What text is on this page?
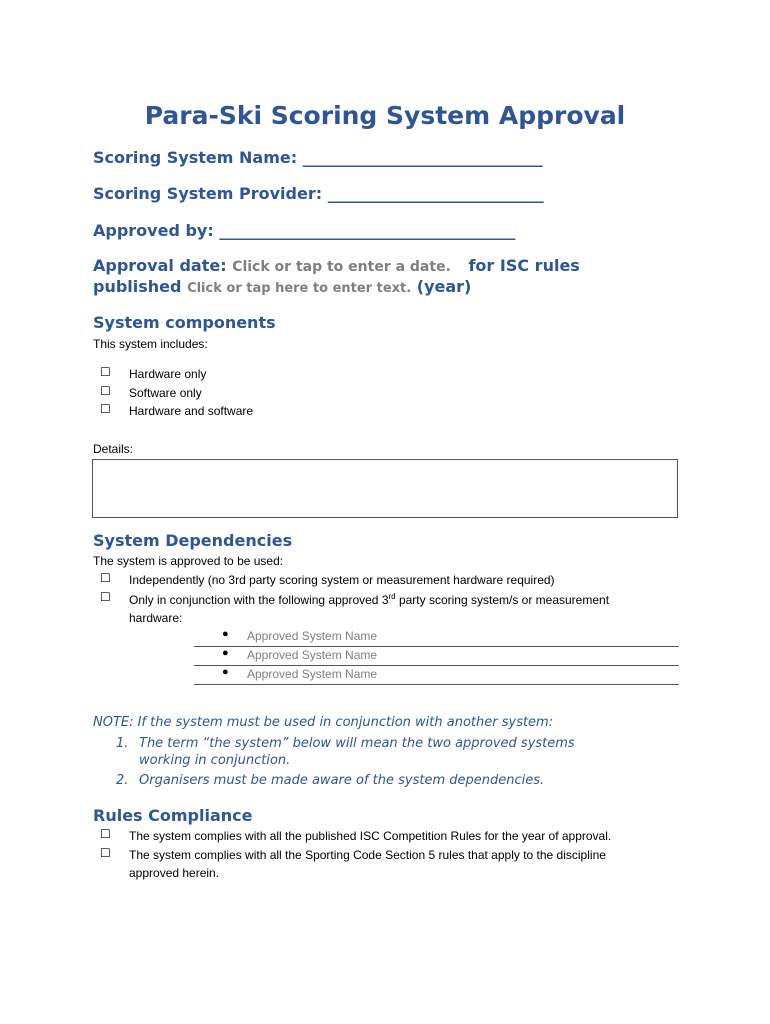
Para-Ski Scoring System Approval
Scoring System Name: ______________________________
Scoring System Provider: ___________________________
Approved by: _____________________________________
Approval date: Click or tap to enter a date. for ISC rules
published Click or tap here to enter text. (year)
System components
This system includes:
☐ Hardware only
☐ Software only
☐ Hardware and software
Details:
System Dependencies
The system is approved to be used:
☐ Independently (no 3rd party scoring system or measurement hardware required)
☐ Only in conjunction with the following approved 3rd party scoring system/s or measurement
hardware:
● Approved System Name
● Approved System Name
● Approved System Name
NOTE: If the system must be used in conjunction with another system:
1. The term “the system” below will mean the two approved systems
working in conjunction.
2. Organisers must be made aware of the system dependencies.
Rules Compliance
☐ The system complies with all the published ISC Competition Rules for the year of approval.
☐ The system complies with all the Sporting Code Section 5 rules that apply to the discipline
approved herein.
